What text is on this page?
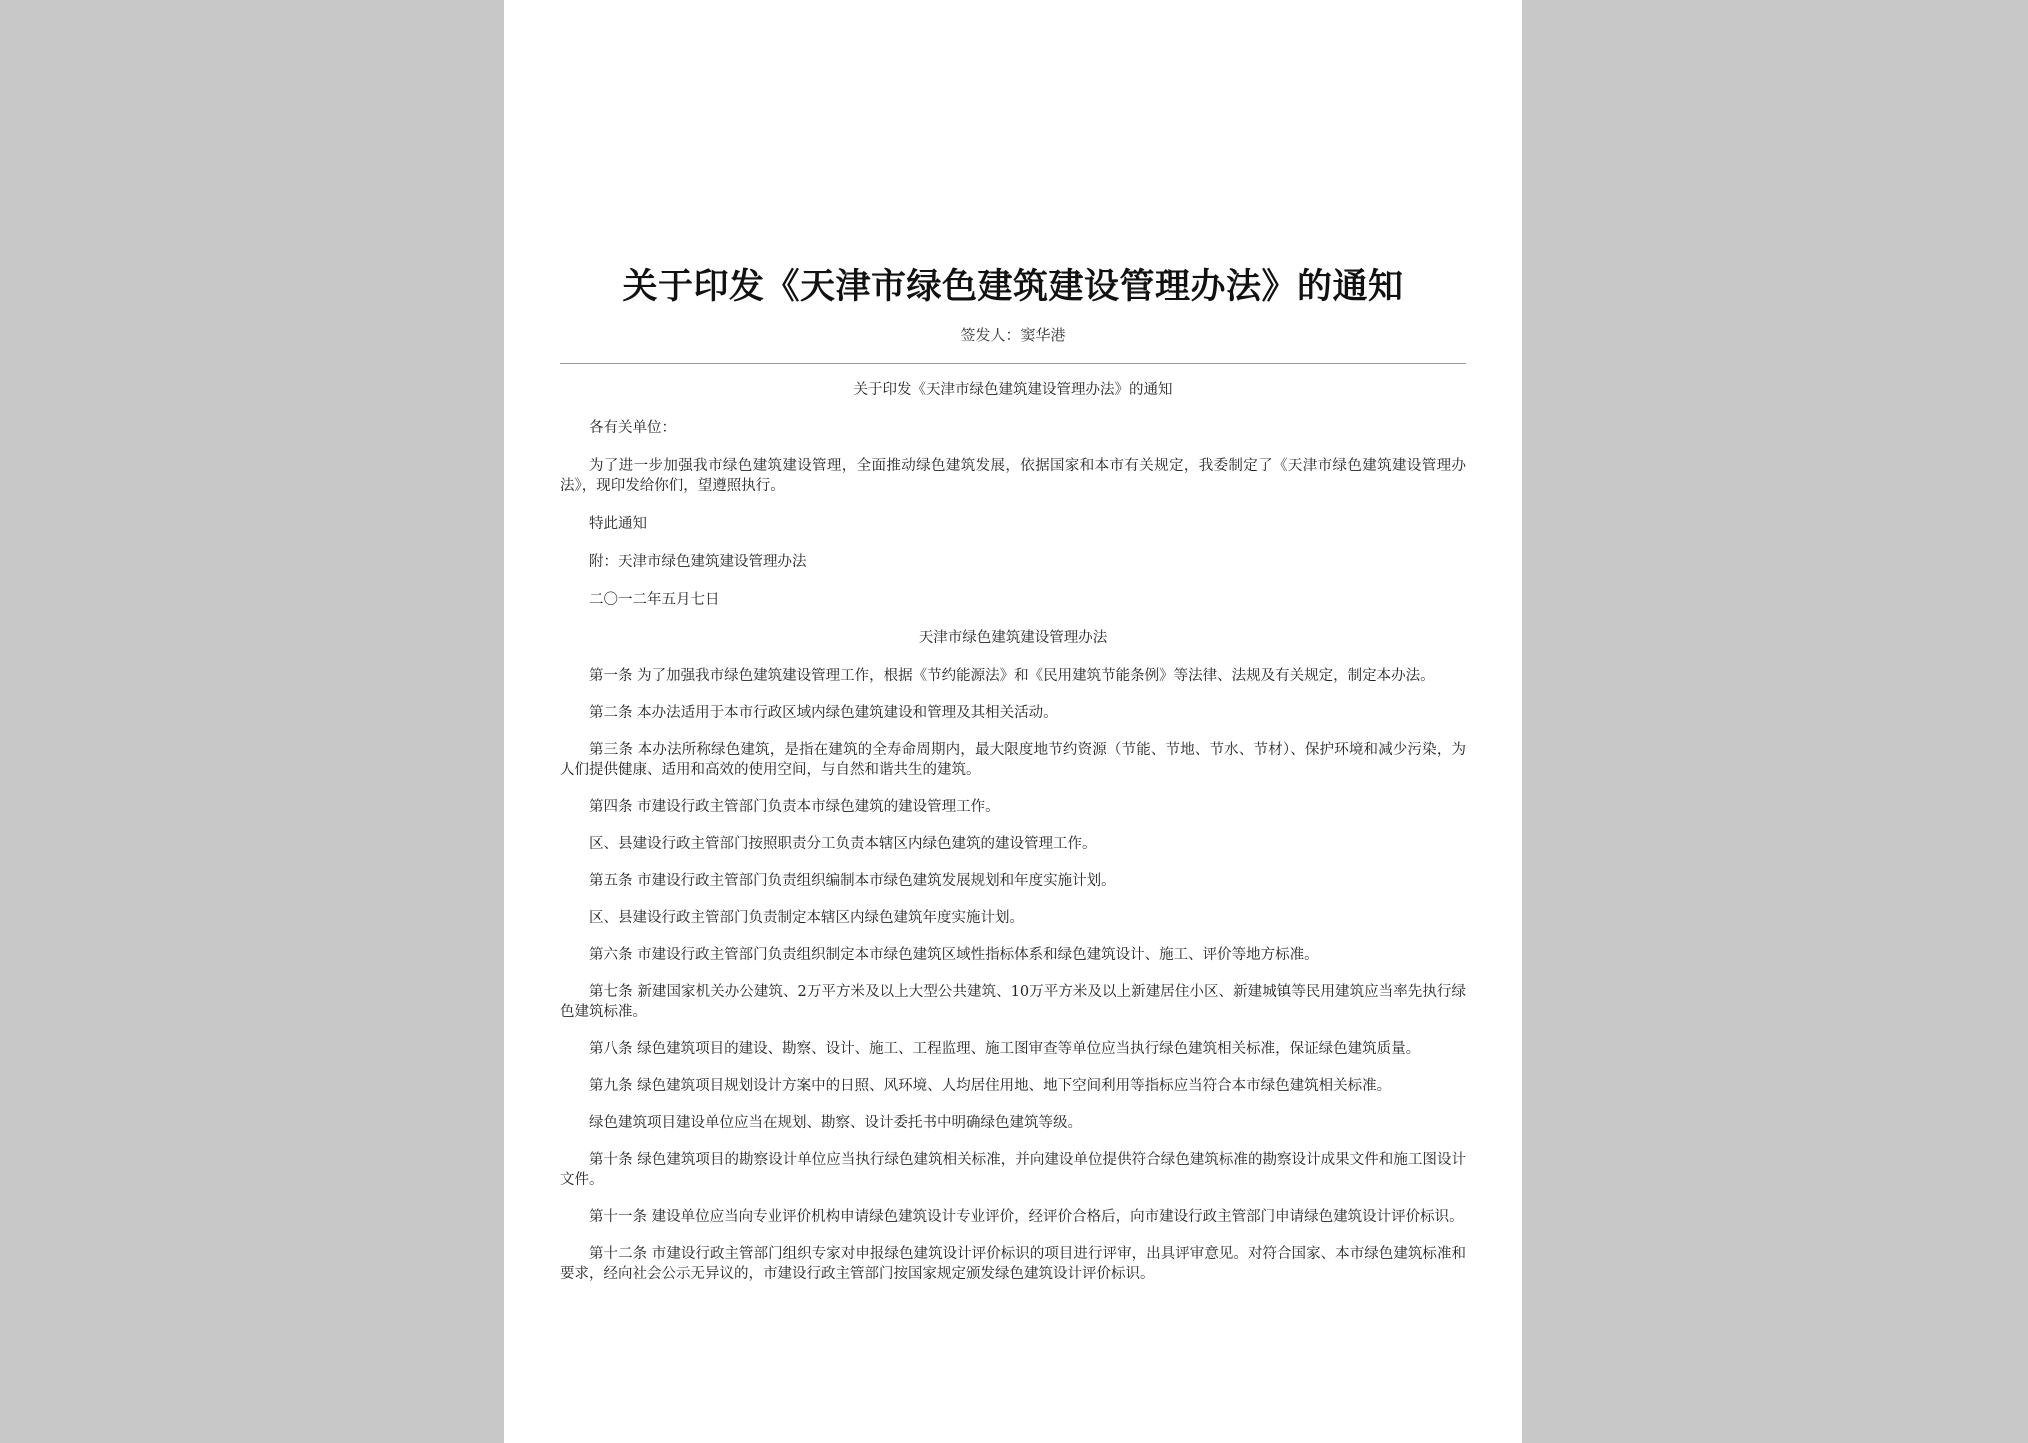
关于印发《天津市绿色建筑建设管理办法》的通知
签发人：窦华港

关于印发《天津市绿色建筑建设管理办法》的通知

各有关单位：

为了进一步加强我市绿色建筑建设管理，全面推动绿色建筑发展，依据国家和本市有关规定，我委制定了《天津市绿色建筑建设管理办法》，现印发给你们，望遵照执行。

特此通知

附：天津市绿色建筑建设管理办法

二〇一二年五月七日

天津市绿色建筑建设管理办法

第一条 为了加强我市绿色建筑建设管理工作，根据《节约能源法》和《民用建筑节能条例》等法律、法规及有关规定，制定本办法。

第二条 本办法适用于本市行政区域内绿色建筑建设和管理及其相关活动。

第三条 本办法所称绿色建筑，是指在建筑的全寿命周期内，最大限度地节约资源（节能、节地、节水、节材）、保护环境和减少污染，为人们提供健康、适用和高效的使用空间，与自然和谐共生的建筑。

第四条 市建设行政主管部门负责本市绿色建筑的建设管理工作。

区、县建设行政主管部门按照职责分工负责本辖区内绿色建筑的建设管理工作。

第五条 市建设行政主管部门负责组织编制本市绿色建筑发展规划和年度实施计划。

区、县建设行政主管部门负责制定本辖区内绿色建筑年度实施计划。

第六条 市建设行政主管部门负责组织制定本市绿色建筑区域性指标体系和绿色建筑设计、施工、评价等地方标准。

第七条 新建国家机关办公建筑、2万平方米及以上大型公共建筑、10万平方米及以上新建居住小区、新建城镇等民用建筑应当率先执行绿色建筑标准。

第八条 绿色建筑项目的建设、勘察、设计、施工、工程监理、施工图审查等单位应当执行绿色建筑相关标准，保证绿色建筑质量。

第九条 绿色建筑项目规划设计方案中的日照、风环境、人均居住用地、地下空间利用等指标应当符合本市绿色建筑相关标准。

绿色建筑项目建设单位应当在规划、勘察、设计委托书中明确绿色建筑等级。

第十条 绿色建筑项目的勘察设计单位应当执行绿色建筑相关标准，并向建设单位提供符合绿色建筑标准的勘察设计成果文件和施工图设计文件。

第十一条 建设单位应当向专业评价机构申请绿色建筑设计专业评价，经评价合格后，向市建设行政主管部门申请绿色建筑设计评价标识。

第十二条 市建设行政主管部门组织专家对申报绿色建筑设计评价标识的项目进行评审，出具评审意见。对符合国家、本市绿色建筑标准和要求，经向社会公示无异议的，市建设行政主管部门按国家规定颁发绿色建筑设计评价标识。
